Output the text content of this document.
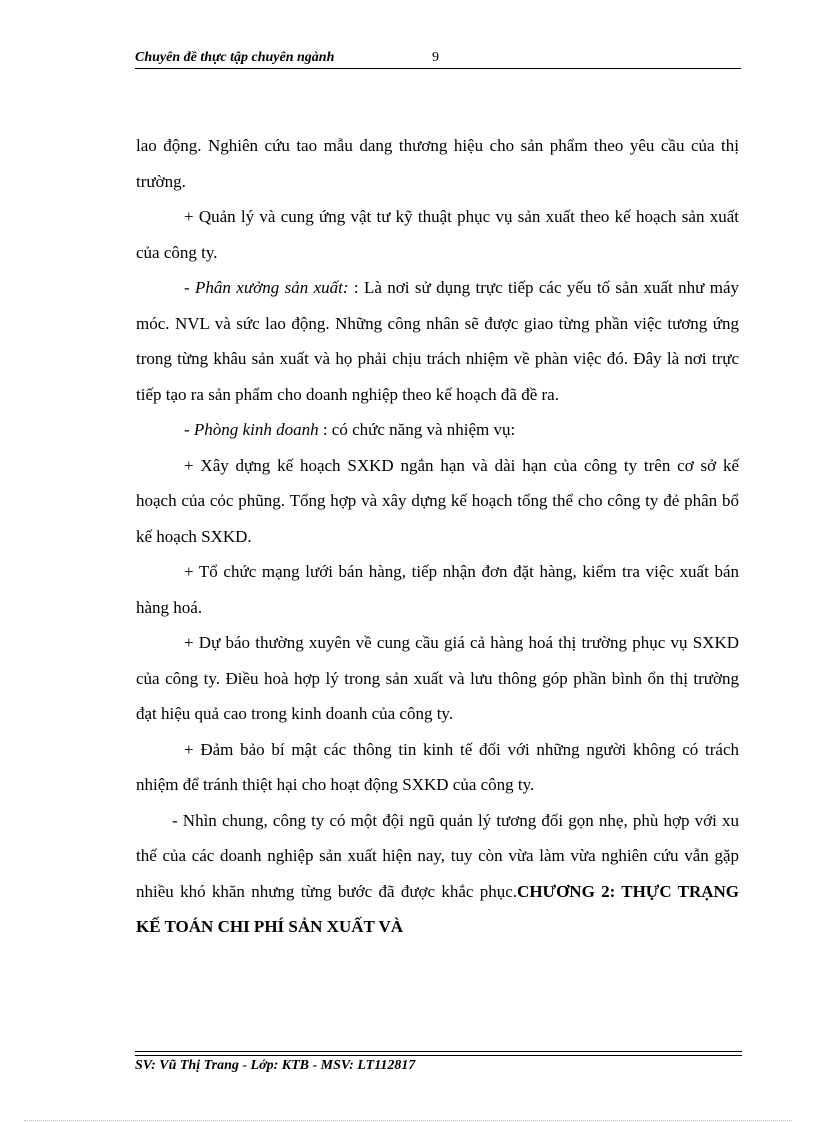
Chuyên đề thực tập chuyên ngành	9

lao động. Nghiên cứu tao mẫu dang thương hiệu cho sản phẩm theo yêu cầu của thị trường.

+ Quản lý và cung ứng vật tư kỹ thuật phục vụ sản xuất theo kế hoạch sản xuất của công ty.

- Phân xưởng sản xuất: : Là nơi sử dụng trực tiếp các yếu tố sản xuất như máy móc. NVL và sức lao động. Những công nhân sẽ được giao từng phần việc tương ứng trong từng khâu sản xuất và họ phải chịu trách nhiệm về phàn việc đó. Đây là nơi trực tiếp tạo ra sản phẩm cho doanh nghiệp theo kế hoạch đã đề ra.

- Phòng kinh doanh : có chức năng và nhiệm vụ:

+ Xây dựng kế hoạch SXKD ngắn hạn và dài hạn của công ty trên cơ sở kế hoạch của cỏc phũng. Tổng hợp và xây dựng kế hoạch tổng thể cho công ty đẻ phân bổ kế hoạch SXKD.

+ Tổ chức mạng lưới bán hàng, tiếp nhận đơn đặt hàng, kiểm tra việc xuất bán hàng hoá.

+ Dự báo thường xuyên về cung cầu giá cả hàng hoá thị trường phục vụ SXKD của công ty. Điều hoà hợp lý trong sản xuất và lưu thông góp phần bình ổn thị trường đạt hiệu quả cao trong kinh doanh của công ty.

+ Đảm bảo bí mật các thông tin kinh tế đối với những người không có trách nhiệm để tránh thiệt hại cho hoạt động SXKD của công ty.

- Nhìn chung, công ty có một đội ngũ quản lý tương đối gọn nhẹ, phù hợp với xu thế của các doanh nghiệp sản xuất hiện nay, tuy còn vừa làm vừa nghiên cứu vẫn gặp nhiều khó khăn nhưng từng bước đã được khắc phục.CHƯƠNG 2: THỰC TRẠNG KẾ TOÁN CHI PHÍ SẢN XUẤT VÀ

SV: Vũ Thị Trang - Lớp: KTB - MSV: LT112817
